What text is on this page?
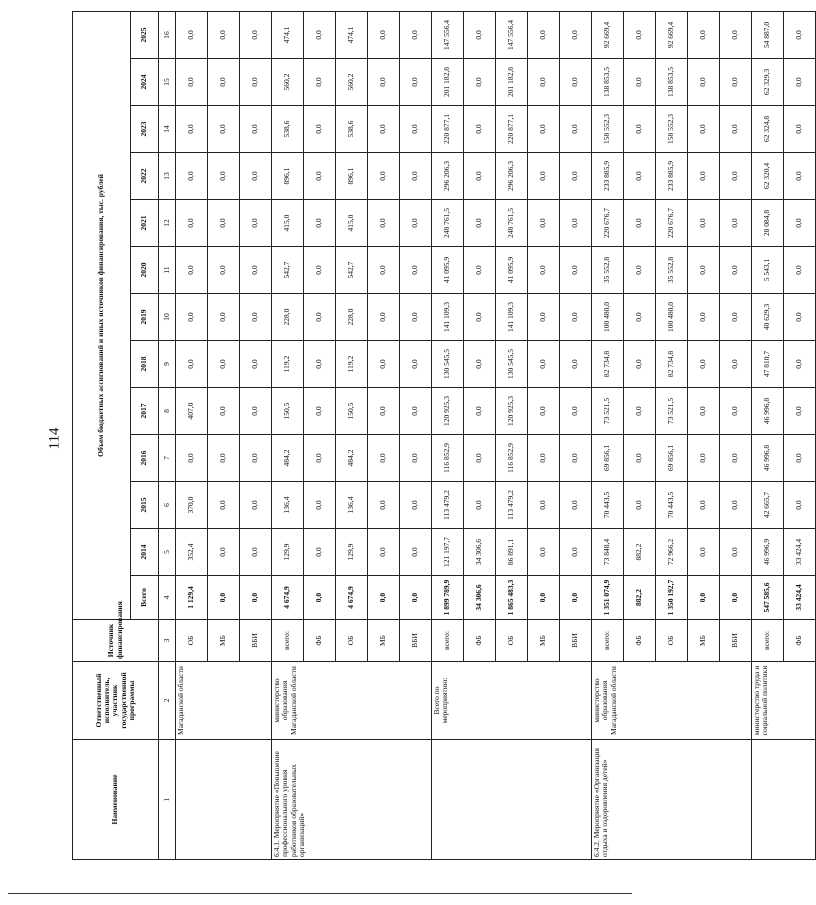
114
Наименование	Ответственный исполнитель, участник государственной программы	Источник финансирования	Объем бюджетных ассигнований и иных источников финансирования, тыс. рублей												
			Всего	2014	2015	2016	2017	2018	2019	2020	2021	2022	2023	2024	2025
1	2	3	4	5	6	7	8	9	10	11	12	13	14	15	16
	Магаданской области	ОБ	1 129,4	352,4	370,0	0,0	407,0	0,0	0,0	0,0	0,0	0,0	0,0	0,0	0,0
		МБ	0,0	0,0	0,0	0,0	0,0	0,0	0,0	0,0	0,0	0,0	0,0	0,0	0,0
		ВБИ	0,0	0,0	0,0	0,0	0,0	0,0	0,0	0,0	0,0	0,0	0,0	0,0	0,0
6.4.1. Мероприятие «Повышение профессионального уровня работников образовательных организаций»	министерство образования Магаданской области	всего:	4 674,9	129,9	136,4	484,2	150,5	119,2	228,0	542,7	415,0	896,1	538,6	560,2	474,1
		ФБ	0,0	0,0	0,0	0,0	0,0	0,0	0,0	0,0	0,0	0,0	0,0	0,0	0,0
		ОБ	4 674,9	129,9	136,4	484,2	150,5	119,2	228,0	542,7	415,0	896,1	538,6	560,2	474,1
		МБ	0,0	0,0	0,0	0,0	0,0	0,0	0,0	0,0	0,0	0,0	0,0	0,0	0,0
		ВБИ	0,0	0,0	0,0	0,0	0,0	0,0	0,0	0,0	0,0	0,0	0,0	0,0	0,0
	Всего по мероприятию:	всего:	1 899 789,9	121 197,7	113 479,2	116 852,9	120 925,3	130 545,5	141 109,3	41 095,9	248 761,5	296 206,3	220 877,1	201 182,8	147 556,4
		ФБ	34 306,6	34 306,6	0,0	0,0	0,0	0,0	0,0	0,0	0,0	0,0	0,0	0,0	0,0
		ОБ	1 865 483,3	86 891,1	113 479,2	116 852,9	120 925,3	130 545,5	141 109,3	41 095,9	248 761,5	296 206,3	220 877,1	201 182,8	147 556,4
		МБ	0,0	0,0	0,0	0,0	0,0	0,0	0,0	0,0	0,0	0,0	0,0	0,0	0,0
		ВБИ	0,0	0,0	0,0	0,0	0,0	0,0	0,0	0,0	0,0	0,0	0,0	0,0	0,0
6.4.2. Мероприятие «Организация отдыха и оздоровления детей»	министерство образования Магаданской области	всего:	1 351 074,9	73 848,4	70 443,5	69 856,1	73 521,5	82 734,8	100 480,0	35 552,8	220 676,7	233 885,9	158 552,3	138 853,5	92 669,4
		ФБ	882,2	882,2	0,0	0,0	0,0	0,0	0,0	0,0	0,0	0,0	0,0	0,0	0,0
		ОБ	1 350 192,7	72 966,2	70 443,5	69 856,1	73 521,5	82 734,8	100 480,0	35 552,8	220 676,7	233 885,9	158 552,3	138 853,5	92 669,4
		МБ	0,0	0,0	0,0	0,0	0,0	0,0	0,0	0,0	0,0	0,0	0,0	0,0	0,0
		ВБИ	0,0	0,0	0,0	0,0	0,0	0,0	0,0	0,0	0,0	0,0	0,0	0,0	0,0
	министерство труда и социальной политики	всего:	547 585,6	46 996,9	42 665,7	46 996,8	46 996,8	47 810,7	40 629,3	5 543,1	28 084,8	62 320,4	62 324,8	62 329,3	54 887,0
		ФБ	33 424,4	33 424,4	0,0	0,0	0,0	0,0	0,0	0,0	0,0	0,0	0,0	0,0	0,0
